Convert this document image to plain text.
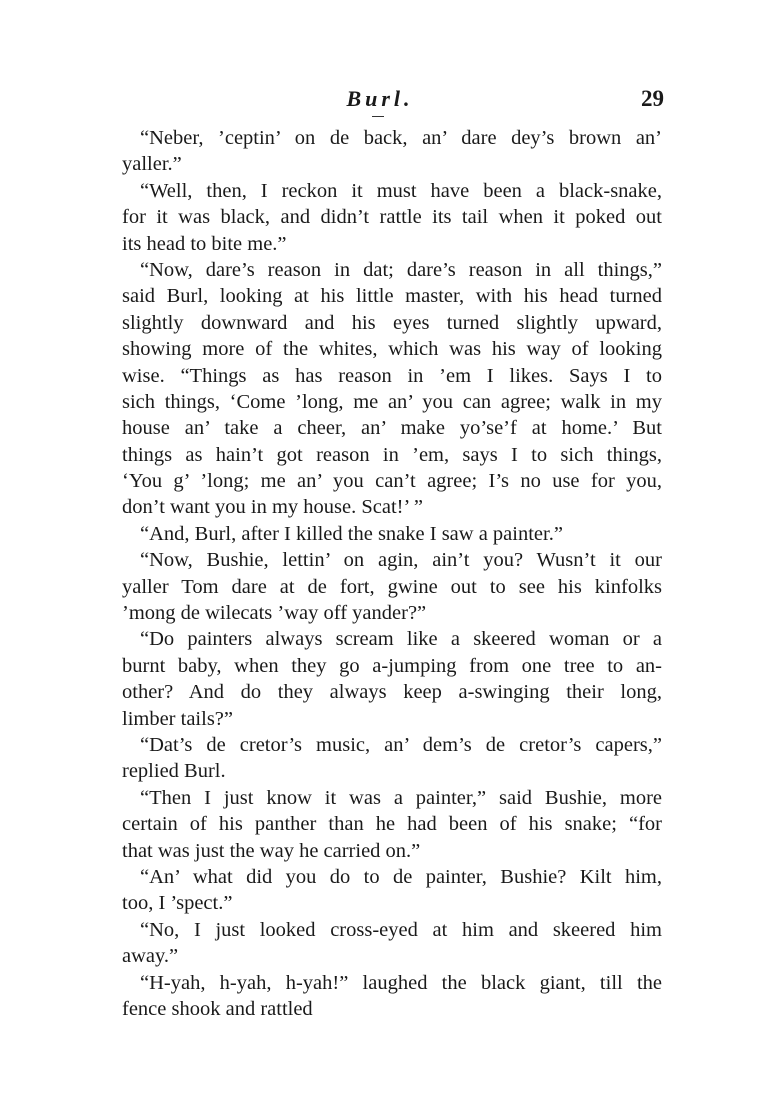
Burl.	29
“Neber, ’ceptin’ on de back, an’ dare dey’s brown an’
yaller.”
“Well, then, I reckon it must have been a black-snake,
for it was black, and didn’t rattle its tail when it poked out
its head to bite me.”
“Now, dare’s reason in dat; dare’s reason in all things,”
said Burl, looking at his little master, with his head turned
slightly downward and his eyes turned slightly upward,
showing more of the whites, which was his way of looking
wise. “Things as has reason in ’em I likes. Says I to
sich things, ‘Come ’long, me an’ you can agree; walk in my
house an’ take a cheer, an’ make yo’se’f at home.’ But
things as hain’t got reason in ’em, says I to sich things,
‘You g’ ’long; me an’ you can’t agree; I’s no use for you,
don’t want you in my house. Scat!’ ”
“And, Burl, after I killed the snake I saw a painter.”
“Now, Bushie, lettin’ on agin, ain’t you? Wusn’t it our
yaller Tom dare at de fort, gwine out to see his kinfolks
’mong de wilecats ’way off yander?”
“Do painters always scream like a skeered woman or a
burnt baby, when they go a-jumping from one tree to an-
other? And do they always keep a-swinging their long,
limber tails?”
“Dat’s de cretor’s music, an’ dem’s de cretor’s capers,”
replied Burl.
“Then I just know it was a painter,” said Bushie, more
certain of his panther than he had been of his snake; “for
that was just the way he carried on.”
“An’ what did you do to de painter, Bushie? Kilt him,
too, I ’spect.”
“No, I just looked cross-eyed at him and skeered him
away.”
“H-yah, h-yah, h-yah!” laughed the black giant, till the
fence shook and rattled
